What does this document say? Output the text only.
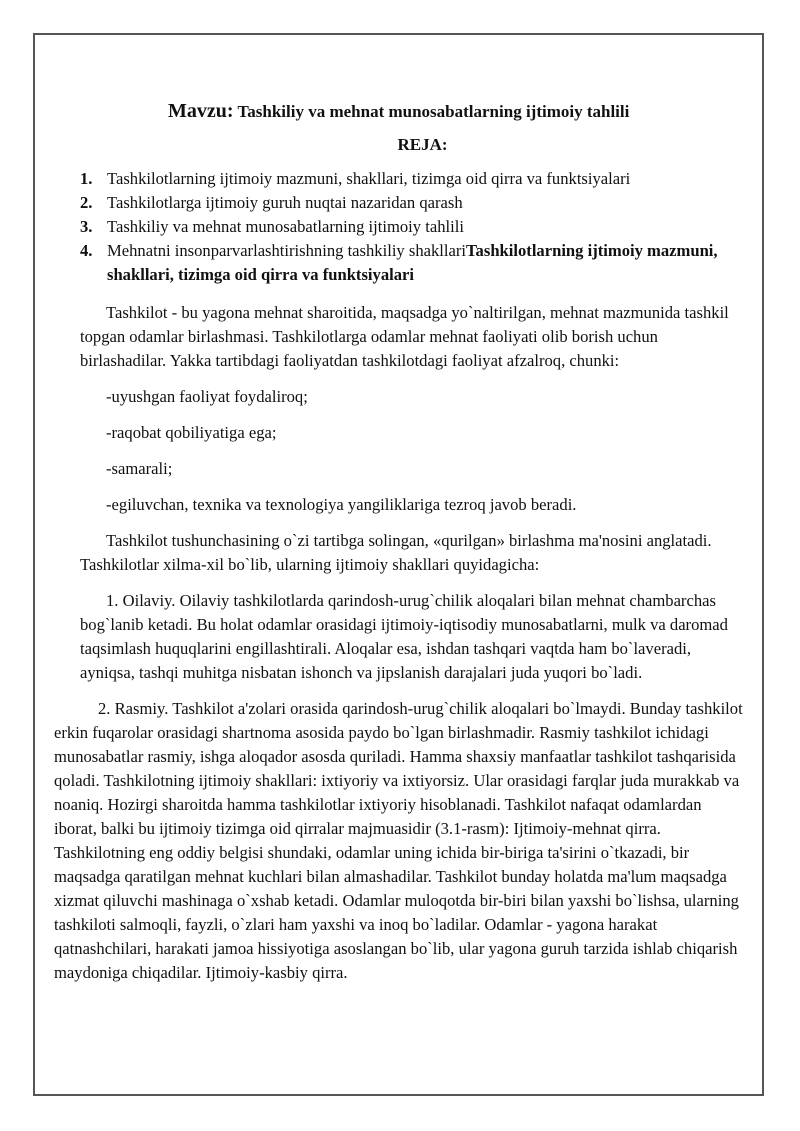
Mavzu: Tashkiliy va mehnat munosabatlarning ijtimoiy tahlili
REJA:
1. Tashkilotlarning ijtimoiy mazmuni, shakllari, tizimga oid qirra va funktsiyalari
2. Tashkilotlarga ijtimoiy guruh nuqtai nazaridan qarash
3. Tashkiliy va mehnat munosabatlarning ijtimoiy tahlili
4. Mehnatni insonparvarlashtirishning tashkiliy shakllariTashkilotlarning ijtimoiy mazmuni, shakllari, tizimga oid qirra va funktsiyalari

Tashkilot - bu yagona mehnat sharoitida, maqsadga yo`naltirilgan, mehnat mazmunida tashkil topgan odamlar birlashmasi. Tashkilotlarga odamlar mehnat faoliyati olib borish uchun birlashadilar. Yakka tartibdagi faoliyatdan tashkilotdagi faoliyat afzalroq, chunki:

-uyushgan faoliyat foydaliroq;

-raqobat qobiliyatiga ega;

-samarali;

-egiluvchan, texnika va texnologiya yangiliklariga tezroq javob beradi.

Tashkilot tushunchasining o`zi tartibga solingan, «qurilgan» birlashma ma'nosini anglatadi. Tashkilotlar xilma-xil bo`lib, ularning ijtimoiy shakllari quyidagicha:

1. Oilaviy. Oilaviy tashkilotlarda qarindosh-urug`chilik aloqalari bilan mehnat chambarchas bog`lanib ketadi. Bu holat odamlar orasidagi ijtimoiy-iqtisodiy munosabatlarni, mulk va daromad taqsimlash huquqlarini engillashtirali. Aloqalar esa, ishdan tashqari vaqtda ham bo`laveradi, ayniqsa, tashqi muhitga nisbatan ishonch va jipslanish darajalari juda yuqori bo`ladi.

2. Rasmiy. Tashkilot a'zolari orasida qarindosh-urug`chilik aloqalari bo`lmaydi. Bunday tashkilot erkin fuqarolar orasidagi shartnoma asosida paydo bo`lgan birlashmadir. Rasmiy tashkilot ichidagi munosabatlar rasmiy, ishga aloqador asosda quriladi. Hamma shaxsiy manfaatlar tashkilot tashqarisida qoladi. Tashkilotning ijtimoiy shakllari: ixtiyoriy va ixtiyorsiz. Ular orasidagi farqlar juda murakkab va noaniq. Hozirgi sharoitda hamma tashkilotlar ixtiyoriy hisoblanadi. Tashkilot nafaqat odamlardan iborat, balki bu ijtimoiy tizimga oid qirralar majmuasidir (3.1-rasm): Ijtimoiy-mehnat qirra. Tashkilotning eng oddiy belgisi shundaki, odamlar uning ichida bir-biriga ta'sirini o`tkazadi, bir maqsadga qaratilgan mehnat kuchlari bilan almashadilar. Tashkilot bunday holatda ma'lum maqsadga xizmat qiluvchi mashinaga o`xshab ketadi. Odamlar muloqotda bir-biri bilan yaxshi bo`lishsa, ularning tashkiloti salmoqli, fayzli, o`zlari ham yaxshi va inoq bo`ladilar. Odamlar - yagona harakat qatnashchilari, harakati jamoa hissiyotiga asoslangan bo`lib, ular yagona guruh tarzida ishlab chiqarish maydoniga chiqadilar. Ijtimoiy-kasbiy qirra.
